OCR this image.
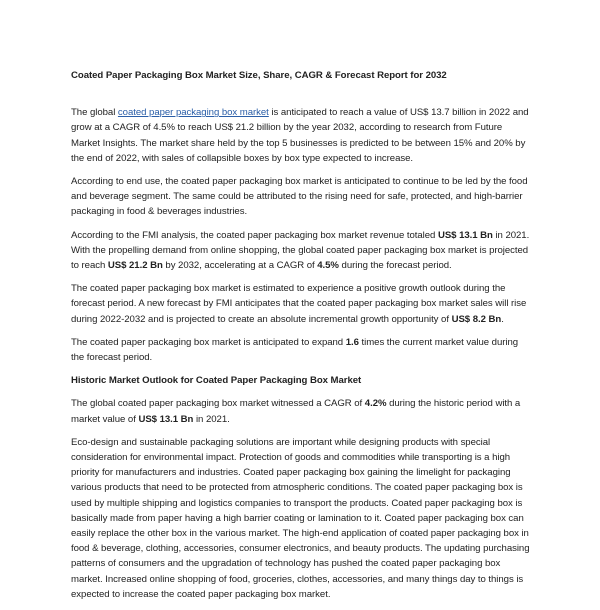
Coated Paper Packaging Box Market Size, Share, CAGR & Forecast Report for 2032

The global coated paper packaging box market is anticipated to reach a value of US$ 13.7 billion in 2022 and grow at a CAGR of 4.5% to reach US$ 21.2 billion by the year 2032, according to research from Future Market Insights. The market share held by the top 5 businesses is predicted to be between 15% and 20% by the end of 2022, with sales of collapsible boxes by box type expected to increase.

According to end use, the coated paper packaging box market is anticipated to continue to be led by the food and beverage segment. The same could be attributed to the rising need for safe, protected, and high-barrier packaging in food & beverages industries.

According to the FMI analysis, the coated paper packaging box market revenue totaled US$ 13.1 Bn in 2021. With the propelling demand from online shopping, the global coated paper packaging box market is projected to reach US$ 21.2 Bn by 2032, accelerating at a CAGR of 4.5% during the forecast period.

The coated paper packaging box market is estimated to experience a positive growth outlook during the forecast period. A new forecast by FMI anticipates that the coated paper packaging box market sales will rise during 2022-2032 and is projected to create an absolute incremental growth opportunity of US$ 8.2 Bn.

The coated paper packaging box market is anticipated to expand 1.6 times the current market value during the forecast period.

Historic Market Outlook for Coated Paper Packaging Box Market

The global coated paper packaging box market witnessed a CAGR of 4.2% during the historic period with a market value of US$ 13.1 Bn in 2021.

Eco-design and sustainable packaging solutions are important while designing products with special consideration for environmental impact. Protection of goods and commodities while transporting is a high priority for manufacturers and industries. Coated paper packaging box gaining the limelight for packaging various products that need to be protected from atmospheric conditions. The coated paper packaging box is used by multiple shipping and logistics companies to transport the products. Coated paper packaging box is basically made from paper having a high barrier coating or lamination to it. Coated paper packaging box can easily replace the other box in the various market. The high-end application of coated paper packaging box in food & beverage, clothing, accessories, consumer electronics, and beauty products. The updating purchasing patterns of consumers and the upgradation of technology has pushed the coated paper packaging box market. Increased online shopping of food, groceries, clothes, accessories, and many things day to things is expected to increase the coated paper packaging box market.
